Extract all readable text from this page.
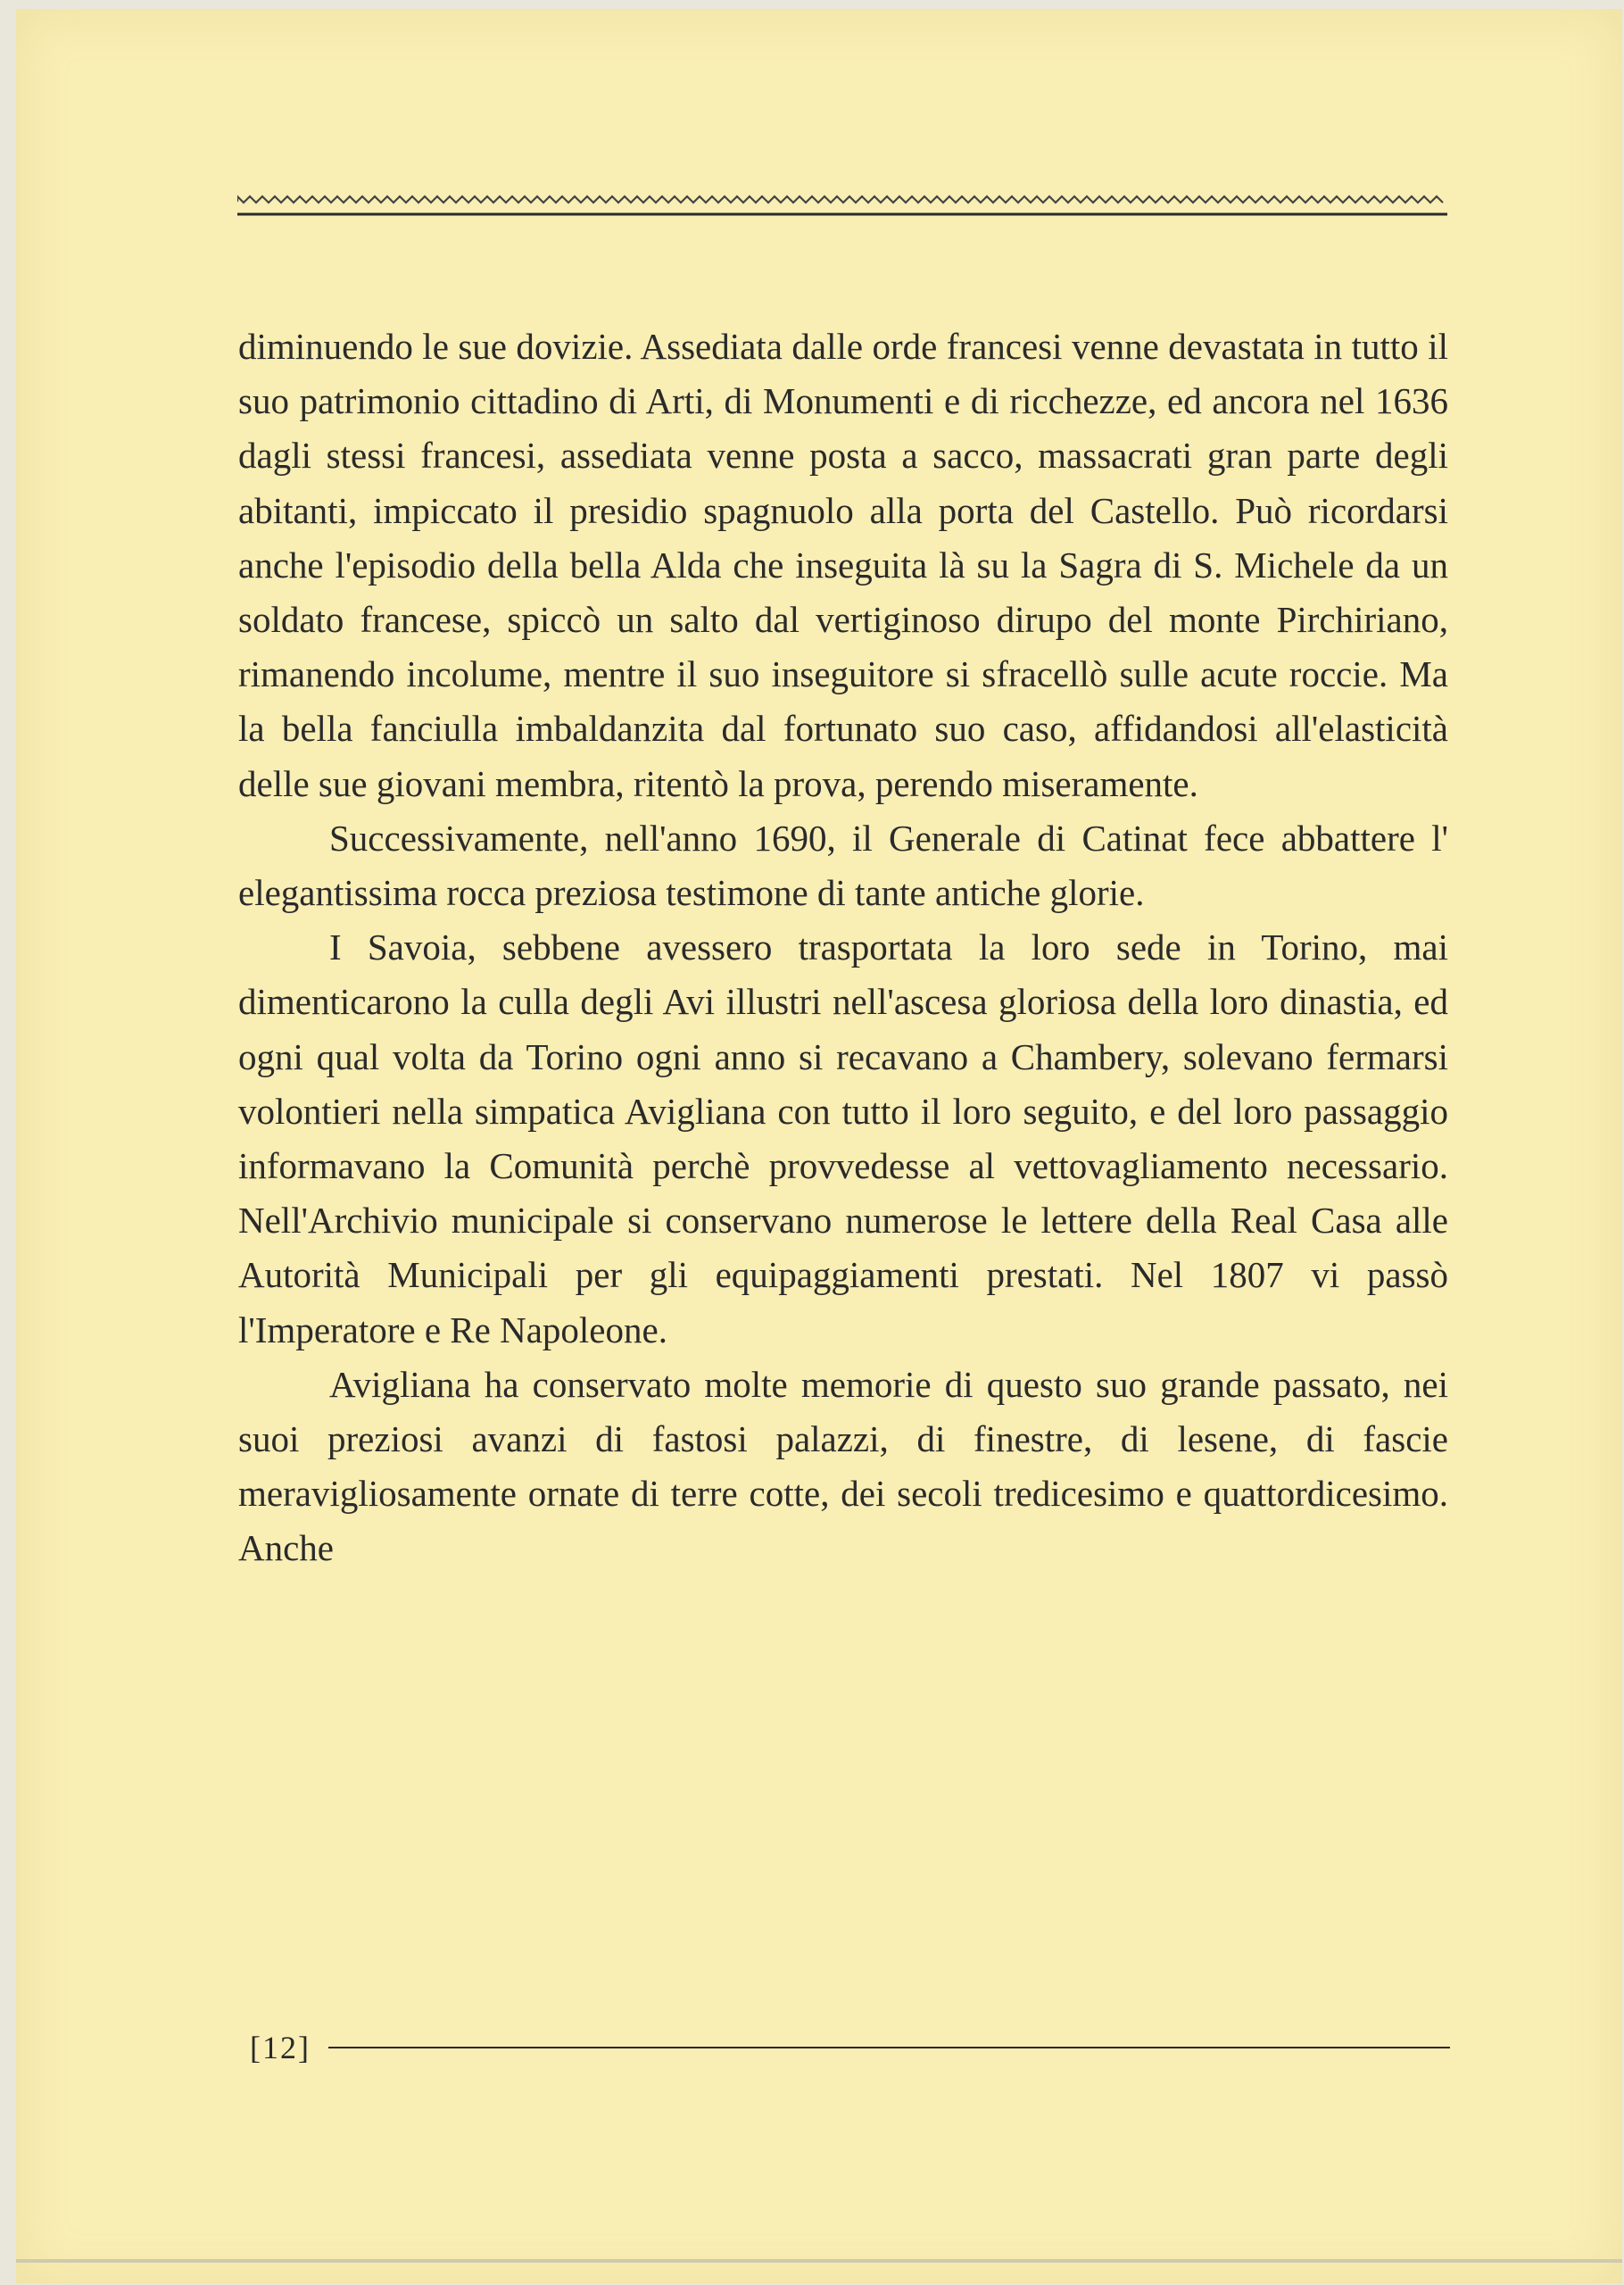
diminuendo le sue dovizie. Assediata dalle orde francesi venne devastata in tutto il suo patrimonio cittadino di Arti, di Monumenti e di ricchezze, ed ancora nel 1636 dagli stessi francesi, assediata venne posta a sacco, massacrati gran parte degli abitanti, impiccato il presidio spagnuolo alla porta del Castello. Può ricordarsi anche l'episodio della bella Alda che inseguita là su la Sagra di S. Michele da un soldato francese, spiccò un salto dal vertiginoso dirupo del monte Pirchiriano, rimanendo incolume, mentre il suo inseguitore si sfracellò sulle acute roccie. Ma la bella fanciulla imbaldanzita dal fortunato suo caso, affidandosi all'elasticità delle sue giovani membra, ritentò la prova, perendo miseramente.

Successivamente, nell'anno 1690, il Generale di Catinat fece abbattere l' elegantissima rocca preziosa testimone di tante antiche glorie.

I Savoia, sebbene avessero trasportata la loro sede in Torino, mai dimenticarono la culla degli Avi illustri nell'ascesa gloriosa della loro dinastia, ed ogni qual volta da Torino ogni anno si recavano a Chambery, solevano fermarsi volontieri nella simpatica Avigliana con tutto il loro seguito, e del loro passaggio informavano la Comunità perchè provvedesse al vettovagliamento necessario. Nell'Archivio municipale si conservano numerose le lettere della Real Casa alle Autorità Municipali per gli equipaggiamenti prestati. Nel 1807 vi passò l'Imperatore e Re Napoleone.

Avigliana ha conservato molte memorie di questo suo grande passato, nei suoi preziosi avanzi di fastosi palazzi, di finestre, di lesene, di fascie meravigliosamente ornate di terre cotte, dei secoli tredicesimo e quattordicesimo. Anche

[12]
